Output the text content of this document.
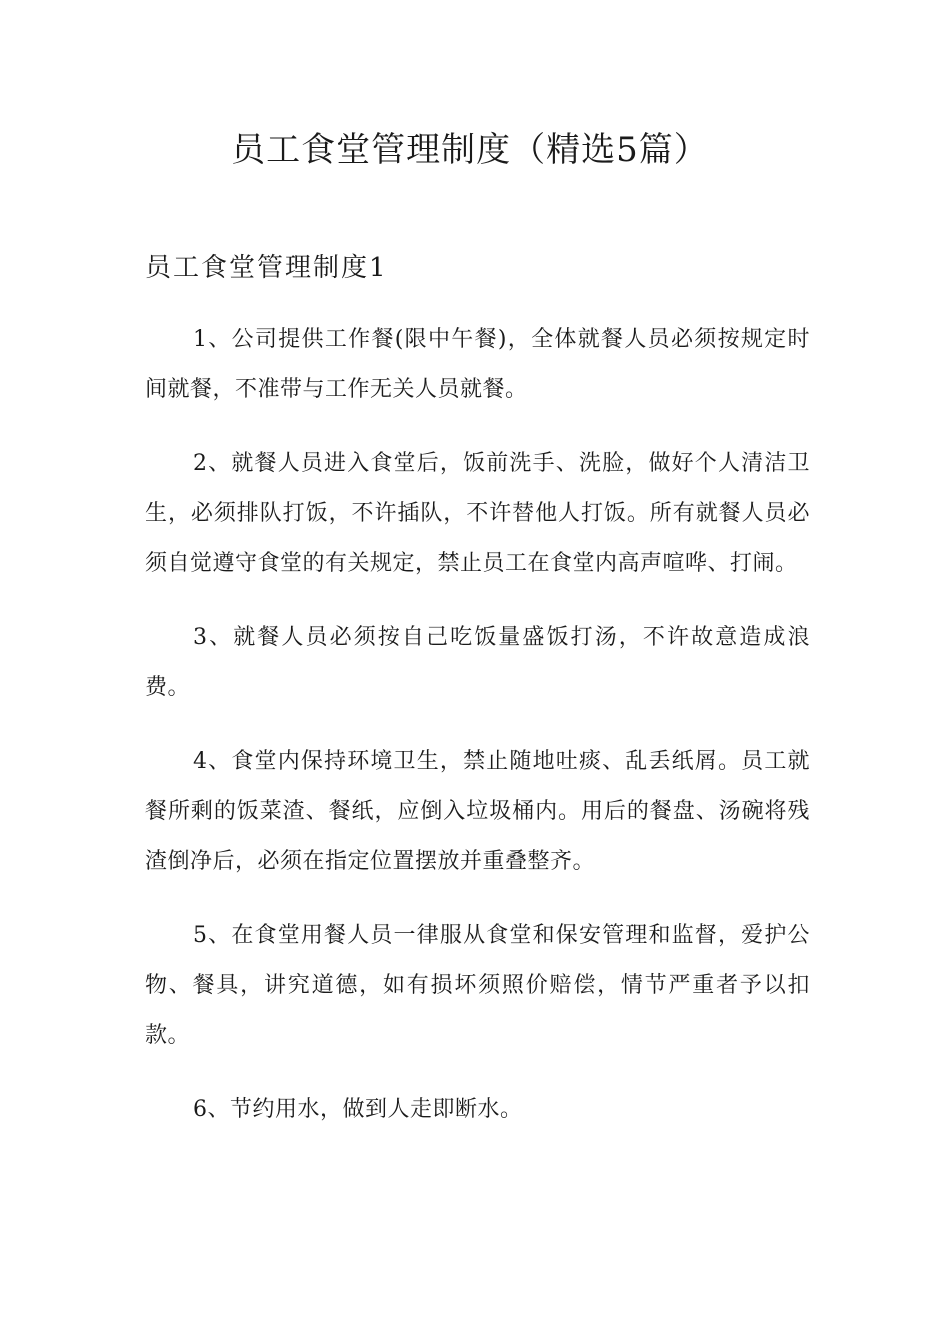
员工食堂管理制度（精选5篇）
员工食堂管理制度1

1、公司提供工作餐(限中午餐)，全体就餐人员必须按规定时间就餐，不准带与工作无关人员就餐。

2、就餐人员进入食堂后，饭前洗手、洗脸，做好个人清洁卫生，必须排队打饭，不许插队，不许替他人打饭。所有就餐人员必须自觉遵守食堂的有关规定，禁止员工在食堂内高声喧哗、打闹。

3、就餐人员必须按自己吃饭量盛饭打汤，不许故意造成浪费。

4、食堂内保持环境卫生，禁止随地吐痰、乱丢纸屑。员工就餐所剩的饭菜渣、餐纸，应倒入垃圾桶内。用后的餐盘、汤碗将残渣倒净后，必须在指定位置摆放并重叠整齐。

5、在食堂用餐人员一律服从食堂和保安管理和监督，爱护公物、餐具，讲究道德，如有损坏须照价赔偿，情节严重者予以扣款。

6、节约用水，做到人走即断水。
